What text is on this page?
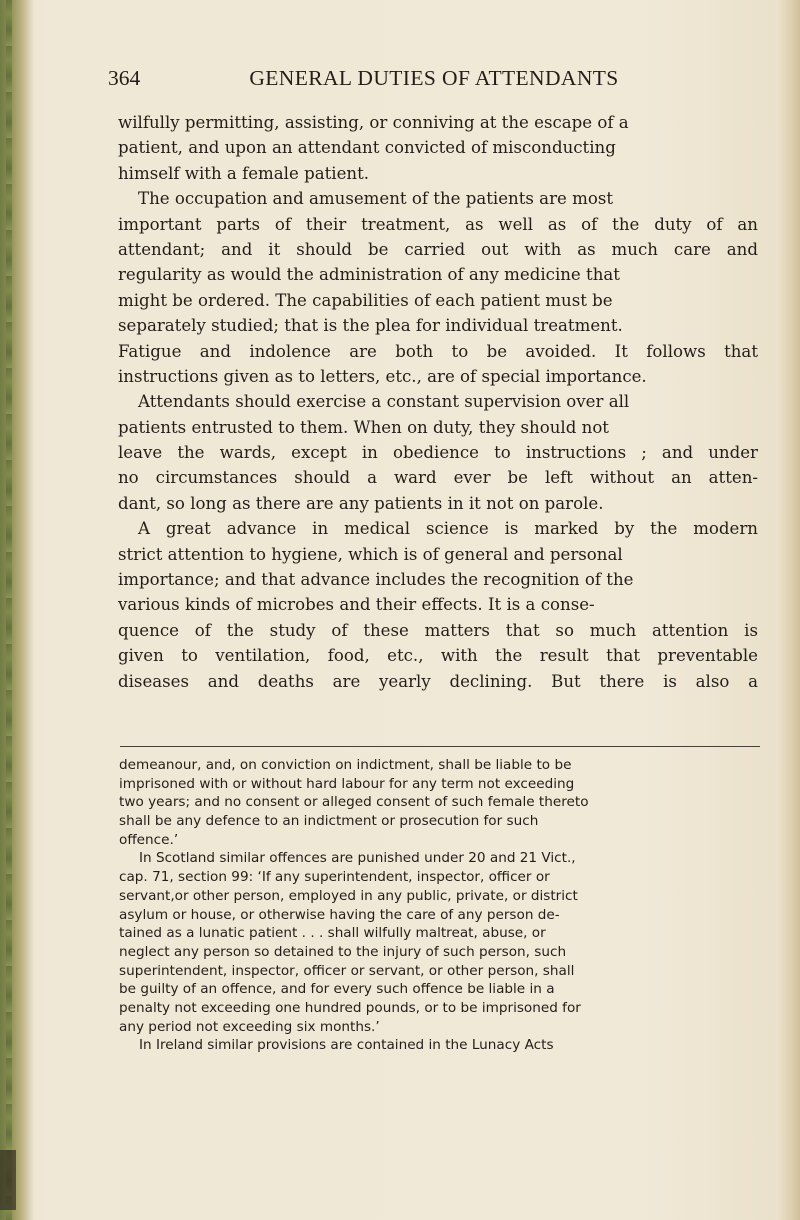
364	GENERAL DUTIES OF ATTENDANTS
wilfully permitting, assisting, or conniving at the escape of a
patient, and upon an attendant convicted of misconducting
himself with a female patient.
The occupation and amusement of the patients are most
important parts of their treatment, as well as of the duty of an
attendant; and it should be carried out with as much care and
regularity as would the administration of any medicine that
might be ordered. The capabilities of each patient must be
separately studied; that is the plea for individual treatment.
Fatigue and indolence are both to be avoided. It follows that
instructions given as to letters, etc., are of special importance.
Attendants should exercise a constant supervision over all
patients entrusted to them. When on duty, they should not
leave the wards, except in obedience to instructions ; and under
no circumstances should a ward ever be left without an atten-
dant, so long as there are any patients in it not on parole.
A great advance in medical science is marked by the modern
strict attention to hygiene, which is of general and personal
importance; and that advance includes the recognition of the
various kinds of microbes and their effects. It is a conse-
quence of the study of these matters that so much attention is
given to ventilation, food, etc., with the result that preventable
diseases and deaths are yearly declining. But there is also a
demeanour, and, on conviction on indictment, shall be liable to be
imprisoned with or without hard labour for any term not exceeding
two years; and no consent or alleged consent of such female thereto
shall be any defence to an indictment or prosecution for such
offence.’
In Scotland similar offences are punished under 20 and 21 Vict.,
cap. 71, section 99: ‘If any superintendent, inspector, officer or
servant,or other person, employed in any public, private, or district
asylum or house, or otherwise having the care of any person de-
tained as a lunatic patient . . . shall wilfully maltreat, abuse, or
neglect any person so detained to the injury of such person, such
superintendent, inspector, officer or servant, or other person, shall
be guilty of an offence, and for every such offence be liable in a
penalty not exceeding one hundred pounds, or to be imprisoned for
any period not exceeding six months.’
In Ireland similar provisions are contained in the Lunacy Acts
